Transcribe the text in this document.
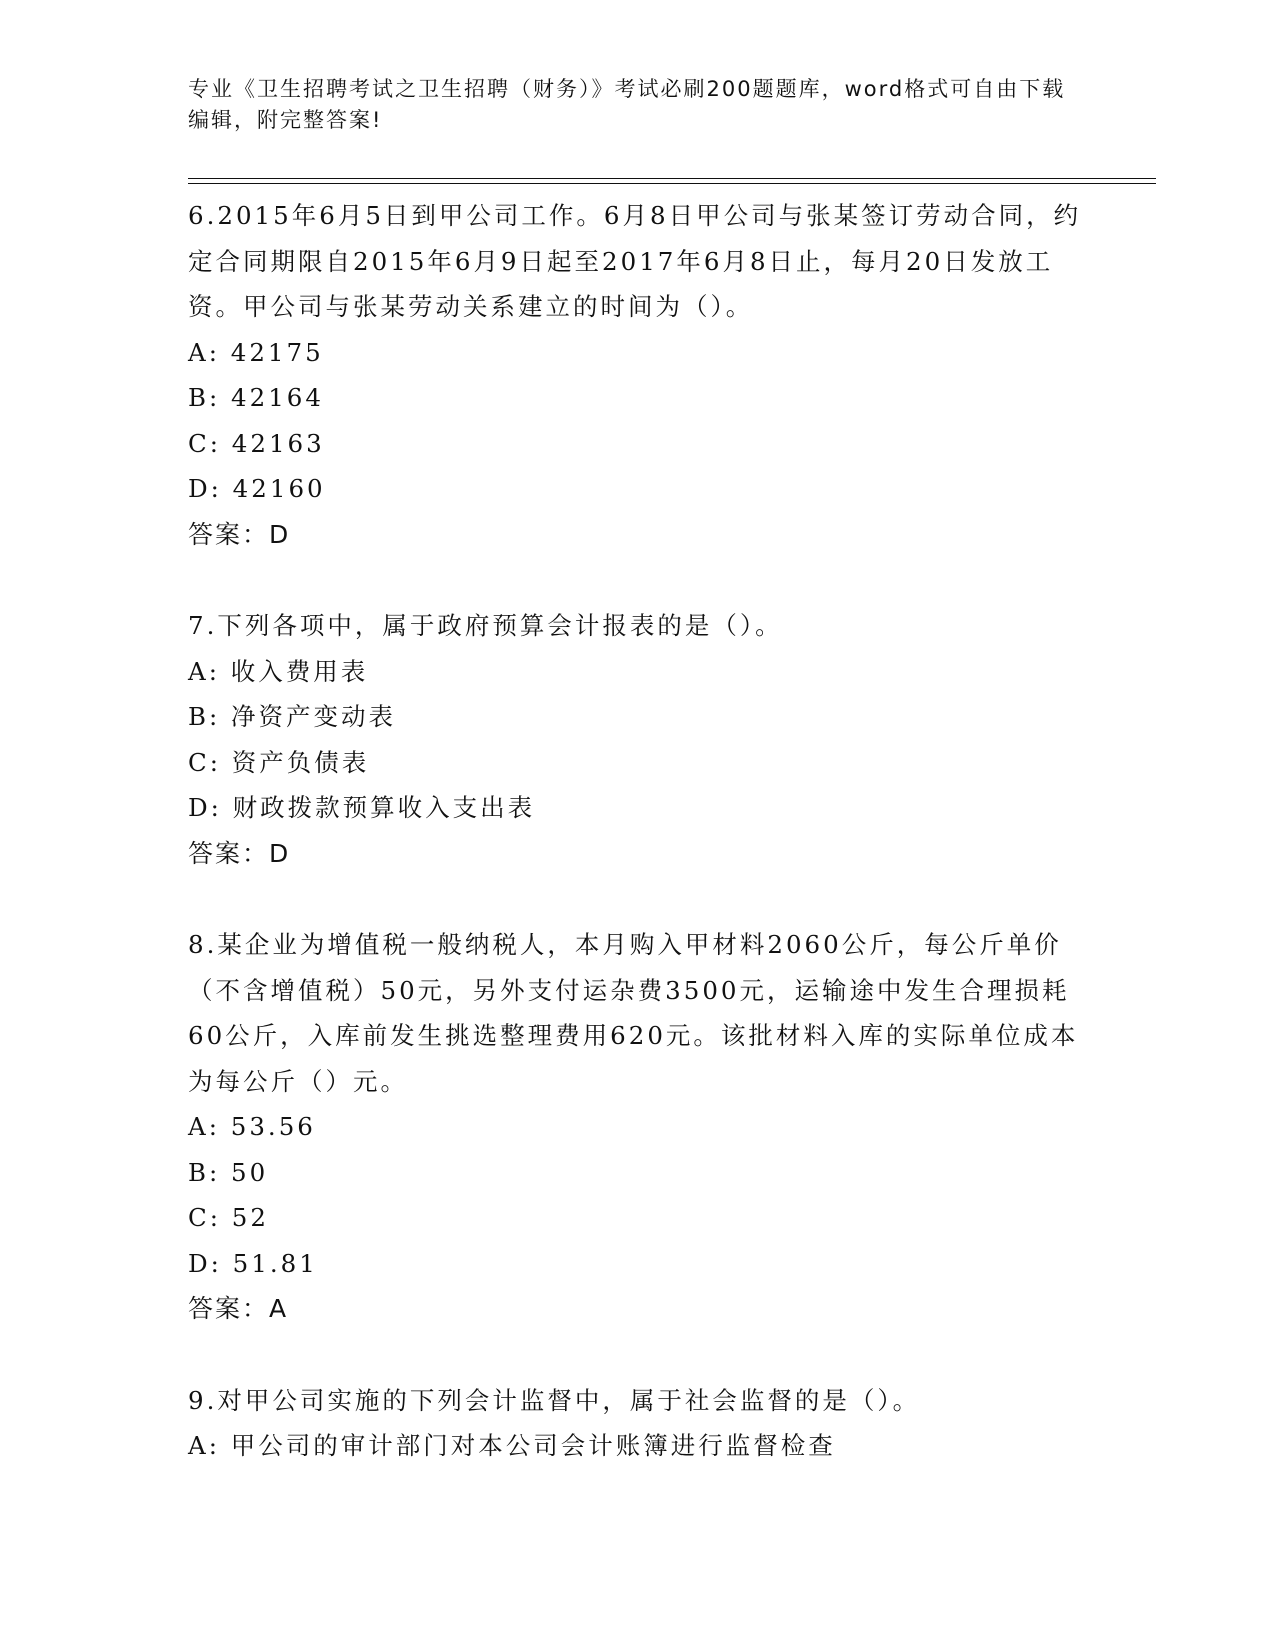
专业《卫生招聘考试之卫生招聘（财务）》考试必刷200题题库，word格式可自由下载编辑，附完整答案!
6.2015年6月5日到甲公司工作。6月8日甲公司与张某签订劳动合同，约定合同期限自2015年6月9日起至2017年6月8日止，每月20日发放工资。甲公司与张某劳动关系建立的时间为（）。
A: 42175
B: 42164
C: 42163
D: 42160
答案：D
7.下列各项中，属于政府预算会计报表的是（）。
A: 收入费用表
B: 净资产变动表
C: 资产负债表
D: 财政拨款预算收入支出表
答案：D
8.某企业为增值税一般纳税人，本月购入甲材料2060公斤，每公斤单价（不含增值税）50元，另外支付运杂费3500元，运输途中发生合理损耗60公斤，入库前发生挑选整理费用620元。该批材料入库的实际单位成本为每公斤（）元。
A: 53.56
B: 50
C: 52
D: 51.81
答案：A
9.对甲公司实施的下列会计监督中，属于社会监督的是（）。
A: 甲公司的审计部门对本公司会计账簿进行监督检查
